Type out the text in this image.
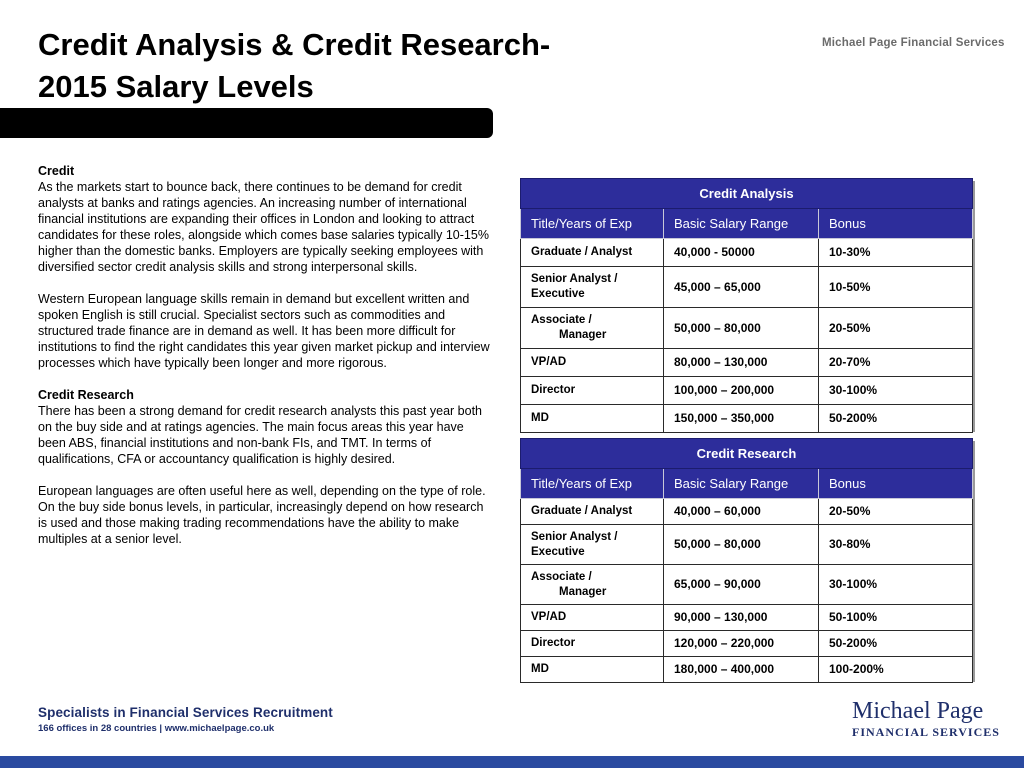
Credit Analysis & Credit Research-
2015 Salary Levels
Michael Page Financial Services

Credit

As the markets start to bounce back, there continues to be demand for credit analysts at banks and ratings agencies. An increasing number of international financial institutions are expanding their offices in London and looking to attract candidates for these roles, alongside which comes base salaries typically 10-15% higher than the domestic banks. Employers are typically seeking employees with diversified sector credit analysis skills and strong interpersonal skills.

Western European language skills remain in demand but excellent written and spoken English is still crucial. Specialist sectors such as commodities and structured trade finance are in demand as well. It has been more difficult for institutions to find the right candidates this year given market pickup and interview processes which have typically been longer and more rigorous.

Credit Research

There has been a strong demand for credit research analysts this past year both on the buy side and at ratings agencies. The main focus areas this year have been ABS, financial institutions and non-bank FIs, and TMT. In terms of qualifications, CFA or accountancy qualification is highly desired.

European languages are often useful here as well, depending on the type of role. On the buy side bonus levels, in particular, increasingly depend on how research is used and those making trading recommendations have the ability to make multiples at a senior level.

Credit Analysis		
Title/Years of Exp	Basic Salary Range	Bonus
Graduate / Analyst	40,000 - 50000	10-30%
Senior Analyst /
Executive	45,000 – 65,000	10-50%
Associate /
Manager	50,000 – 80,000	20-50%
VP/AD	80,000 – 130,000	20-70%
Director	100,000 – 200,000	30-100%
MD	150,000 – 350,000	50-200%
Credit Research		
Title/Years of Exp	Basic Salary Range	Bonus
Graduate / Analyst	40,000 – 60,000	20-50%
Senior Analyst /
Executive	50,000 – 80,000	30-80%
Associate /
Manager	65,000 – 90,000	30-100%
VP/AD	90,000 – 130,000	50-100%
Director	120,000 – 220,000	50-200%
MD	180,000 – 400,000	100-200%
Specialists in Financial Services Recruitment
166 offices in 28 countries | www.michaelpage.co.uk
Michael Page
FINANCIAL SERVICES
